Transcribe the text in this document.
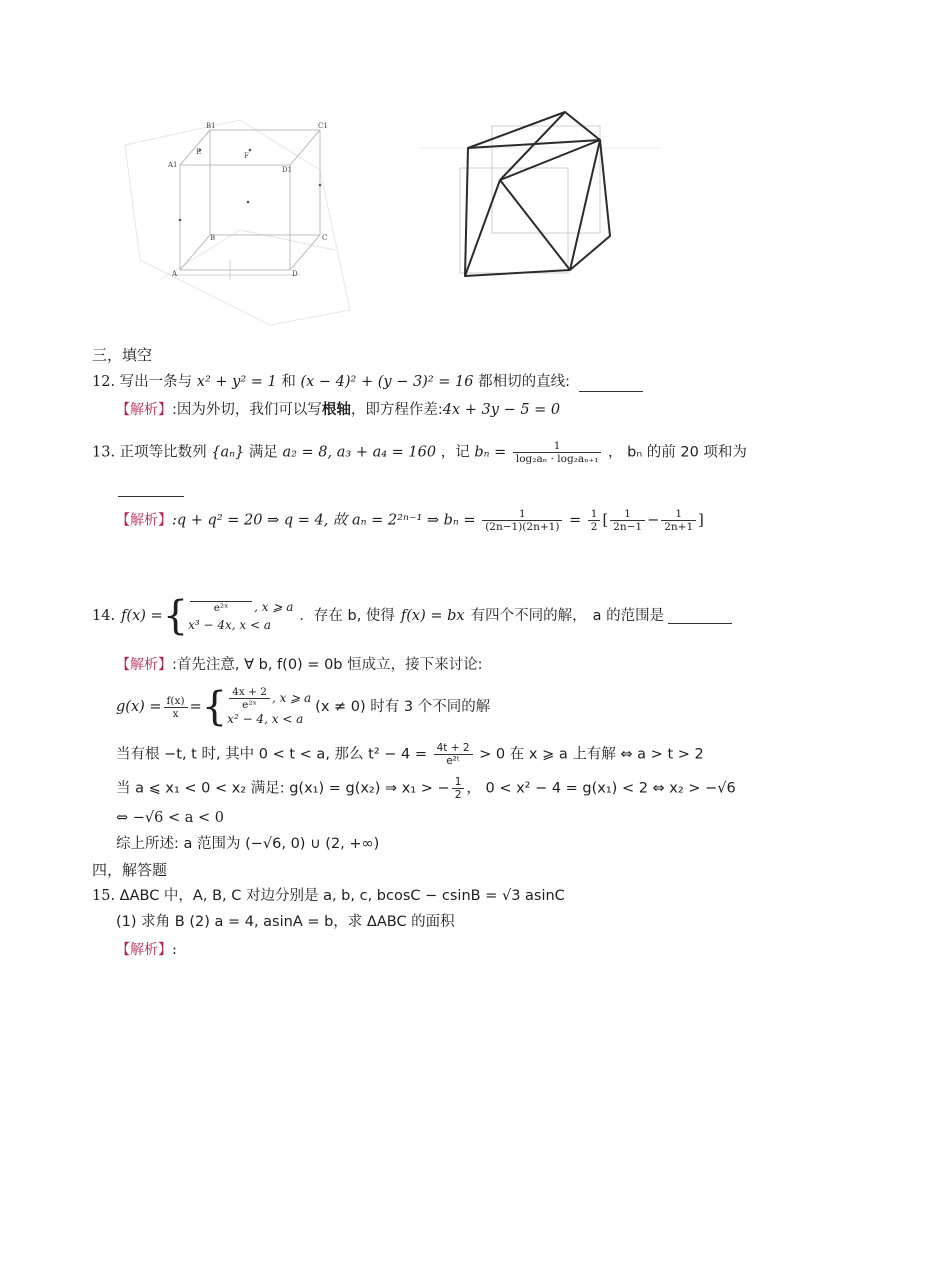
B1	C1
A1
D1
E	F
A
B	C
D
三，填空
12. 写出一条与 x² + y² = 1 和 (x − 4)² + (y − 3)² = 16 都相切的直线:
【解析】:因为外切，我们可以写根轴，即方程作差:4x + 3y − 5 = 0
13. 正项等比数列 {aₙ} 满足 a₂ = 8, a₃ + a₄ = 160 ，记 $b_n = \frac{1}{\text{log₂aₙ · log₂aₙ₊₁}}$ ， bₙ 的前 20 项和为
【解析】:q + q² = 20 ⇒ q = 4, 故 aₙ = 2²ⁿ⁻¹ ⇒ $b_n = \frac{1}{(2n-1)(2n+1)} = \frac{1}{2}$ [ $\frac{1}{2n-1} - \frac{1}{2n+1}$ ]
14. f(x) = {	e²ˣ	, x ⩾ a
x³ − 4x, x < a
．存在 b, 使得 f(x) = bx 有四个不同的解， a 的范围是
【解析】:首先注意, ∀ b, f(0) = 0b 恒成立，接下来讨论:
$g(x) = \frac{f(x)}{x}$ = { $\frac{4x + 2}{\text{e²ˣ}}$ , x ⩾ a
x² − 4, x < a
(x ≠ 0) 时有 3 个不同的解
当有根 −t, t 时, 其中 0 < t < a, 那么 $t^2 - 4 = \frac{4t + 2}{\text{e²ᵗ}} > 0$ 在 x ⩾ a 上有解 ⇔ a > t > 2
当 a ⩽ x₁ < 0 < x₂ 满足: g(x₁) = g(x₂) ⇒ x₁ > − $\frac{1}{2}$ ， 0 < x² − 4 = g(x₁) < 2 ⇔ x₂ > −√6
⇔ −√6 < a < 0
综上所述: a 范围为 (−√6, 0) ∪ (2, +∞)
四，解答题
15. ΔABC 中，A, B, C 对边分别是 a, b, c, bcosC − csinB = √3 asinC
(1) 求角 B (2) a = 4, asinA = b，求 ΔABC 的面积
【解析】:
